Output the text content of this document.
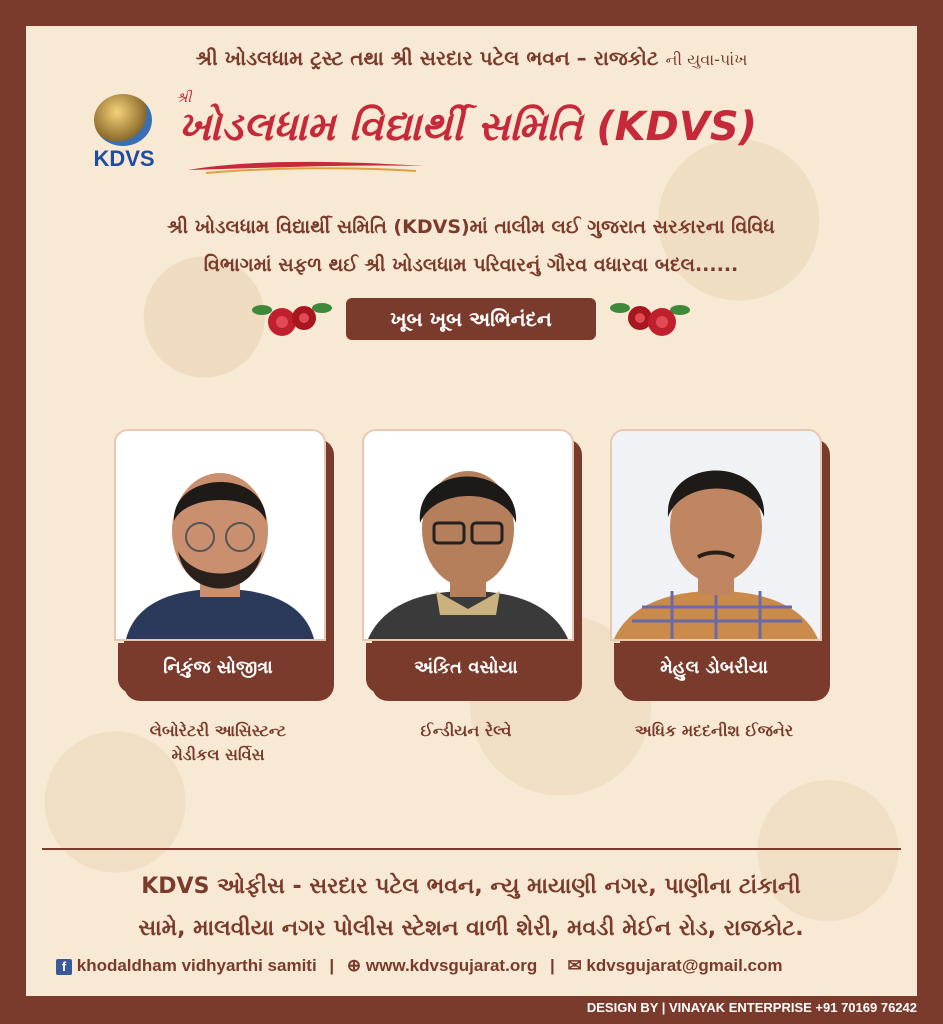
શ્રી ખોડલધામ ટ્રસ્ટ તથા શ્રી સરદાર પટેલ ભવન – રાજકોટ ની યુવા-પાંખ
KDVS
શ્રી
ખોડલધામ વિદ્યાર્થી સમિતિ (KDVS)
શ્રી ખોડલધામ વિદ્યાર્થી સમિતિ (KDVS)માં તાલીમ લઈ ગુજરાત સરકારના વિવિધ
વિભાગમાં સફળ થઈ શ્રી ખોડલધામ પરિવારનું ગૌરવ વધારવા બદલ......
ખૂબ ખૂબ અભિનંદન
નિકુંજ સોજીત્રા	અંકિત વસોયા	મેહુલ ડોબરીયા
લેબોરેટરી આસિસ્ટન્ટ
મેડીકલ સર્વિસ
ઈન્ડીયન રેલ્વે	અધિક મદદનીશ ઈજનેર
KDVS ઓફીસ - સરદાર પટેલ ભવન, ન્યુ માયાણી નગર, પાણીના ટાંકાની
સામે, માલવીયા નગર પોલીસ સ્ટેશન વાળી શેરી, મવડી મેઈન રોડ, રાજકોટ.
f khodaldham vidhyarthi samiti | ⊕ www.kdvsgujarat.org | ✉ kdvsgujarat@gmail.com
DESIGN BY | VINAYAK ENTERPRISE +91 70169 76242
